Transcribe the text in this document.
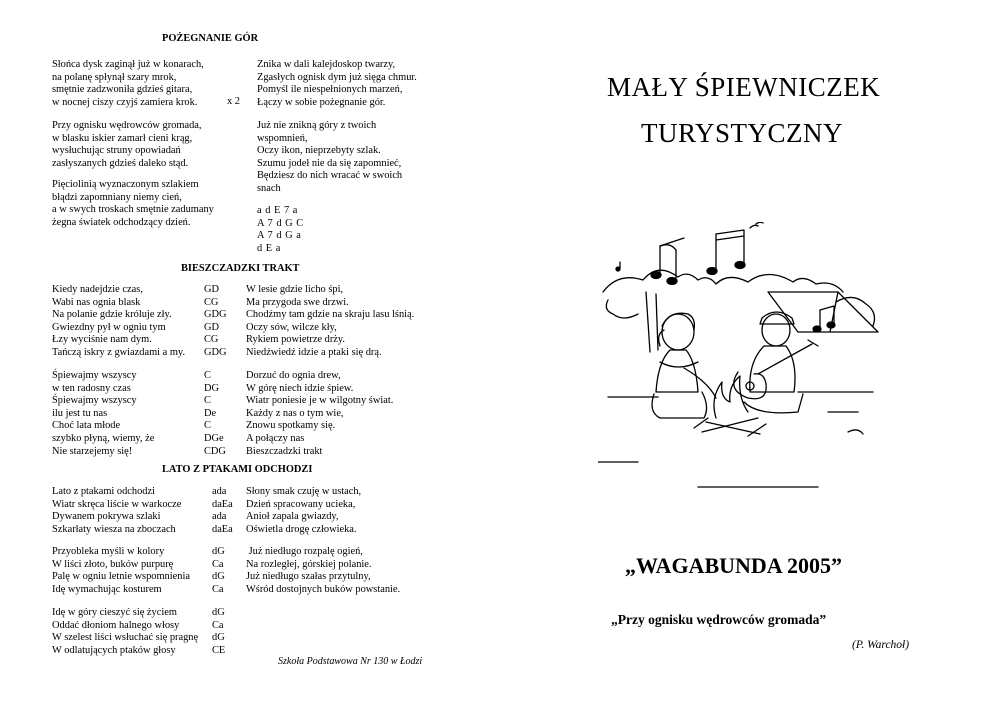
POŻEGNANIE GÓR
Słońca dysk zaginął już w konarach,
na polanę spłynął szary mrok,
smętnie zadzwoniła gdzieś gitara,
w nocnej ciszy czyjś zamiera krok.
Przy ognisku wędrowców gromada,
w blasku iskier zamarł cieni krąg,
wysłuchując struny opowiadań
zasłyszanych gdzieś daleko stąd.
Pięciolinią wyznaczonym szlakiem
błądzi zapomniany niemy cień,
a w swych troskach smętnie zadumany
żegna światek odchodzący dzień.
x 2
Znika w dali kalejdoskop twarzy,
Zgasłych ognisk dym już sięga chmur.
Pomyśl ile niespełnionych marzeń,
Łączy w sobie pożegnanie gór.
Już nie znikną góry z twoich
wspomnień,
Oczy ikon, nieprzebyty szlak.
Szumu jodeł nie da się zapomnieć,
Będziesz do nich wracać w swoich
snach
a d E 7 a
A 7 d G C
A 7 d G a
d E a
BIESZCZADZKI TRAKT
Kiedy nadejdzie czas,
Wabi nas ognia blask
Na polanie gdzie króluje zły.
Gwiezdny pył w ogniu tym
Łzy wyciśnie nam dym.
Tańczą iskry z gwiazdami a my.
GD
CG
GDG
GD
CG
GDG
W lesie gdzie licho śpi,
Ma przygoda swe drzwi.
Chodźmy tam gdzie na skraju lasu lśnią.
Oczy sów, wilcze kły,
Rykiem powietrze drży.
Niedźwiedź idzie a ptaki się drą.
Śpiewajmy wszyscy
w ten radosny czas
Śpiewajmy wszyscy
ilu jest tu nas
Choć lata młode
szybko płyną, wiemy, że
Nie starzejemy się!
C
DG
C
De
C
DGe
CDG
Dorzuć do ognia drew,
W górę niech idzie śpiew.
Wiatr poniesie je w wilgotny świat.
Każdy z nas o tym wie,
Znowu spotkamy się.
A połączy nas
Bieszczadzki trakt
LATO Z PTAKAMI ODCHODZI
Lato z ptakami odchodzi
Wiatr skręca liście w warkocze
Dywanem pokrywa szlaki
Szkarłaty wiesza na zboczach
ada
daEa
ada
daEa
Słony smak czuję w ustach,
Dzień spracowany ucieka,
Anioł zapala gwiazdy,
Oświetla drogę człowieka.
Przyobleka myśli w kolory
W liści złoto, buków purpurę
Palę w ogniu letnie wspomnienia
Idę wymachując kosturem
dG
Ca
dG
Ca
Już niedługo rozpalę ogień,
Na rozległej, górskiej polanie.
Już niedługo szałas przytulny,
Wśród dostojnych buków powstanie.
Idę w góry cieszyć się życiem
Oddać dłoniom halnego włosy
W szelest liści wsłuchać się pragnę
W odlatujących ptaków głosy
dG
Ca
dG
CE
Szkoła Podstawowa Nr 130 w Łodzi
MAŁY ŚPIEWNICZEK
TURYSTYCZNY
„WAGABUNDA 2005”
„Przy ognisku wędrowców gromada”
(P. Warchoł)
